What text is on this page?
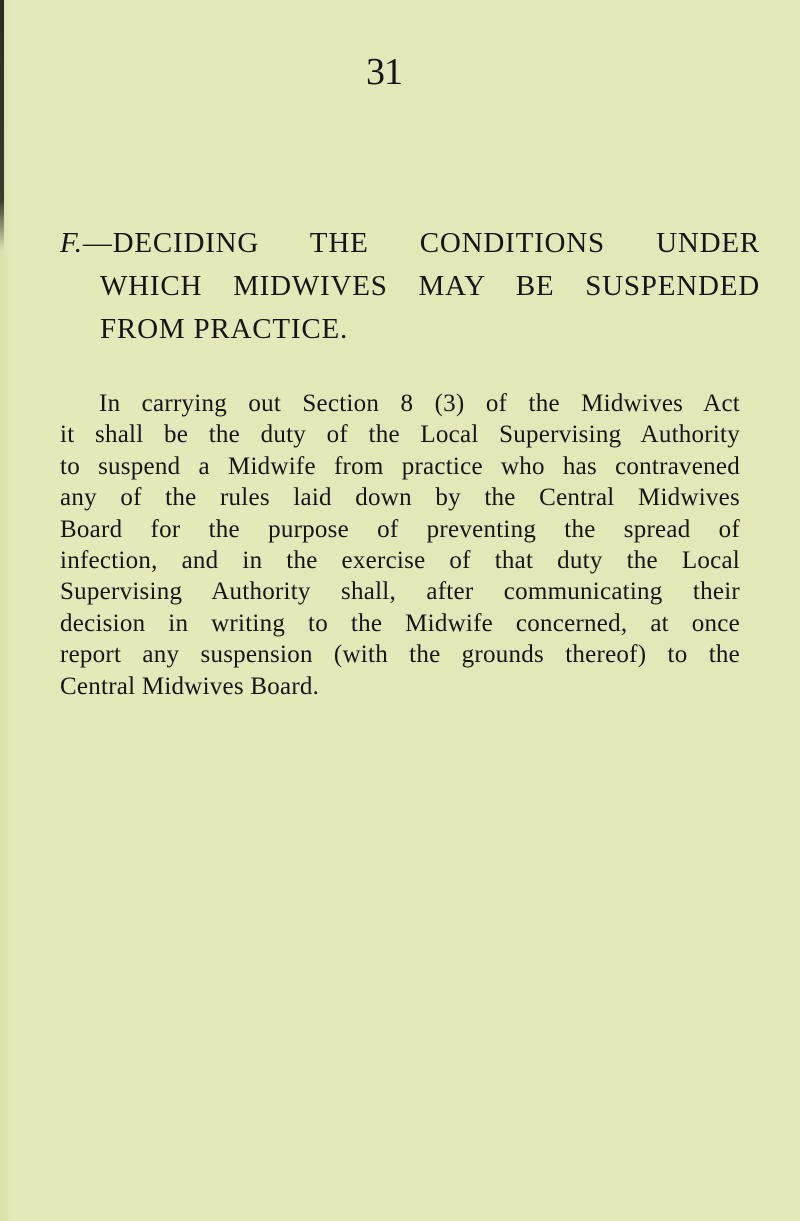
31
F.—DECIDING THE CONDITIONS UNDER
WHICH MIDWIVES MAY BE SUSPENDED
FROM PRACTICE.
In carrying out Section 8 (3) of the Midwives Act
it shall be the duty of the Local Supervising Authority
to suspend a Midwife from practice who has contravened
any of the rules laid down by the Central Midwives
Board for the purpose of preventing the spread of
infection, and in the exercise of that duty the Local
Supervising Authority shall, after communicating their
decision in writing to the Midwife concerned, at once
report any suspension (with the grounds thereof) to the
Central Midwives Board.
